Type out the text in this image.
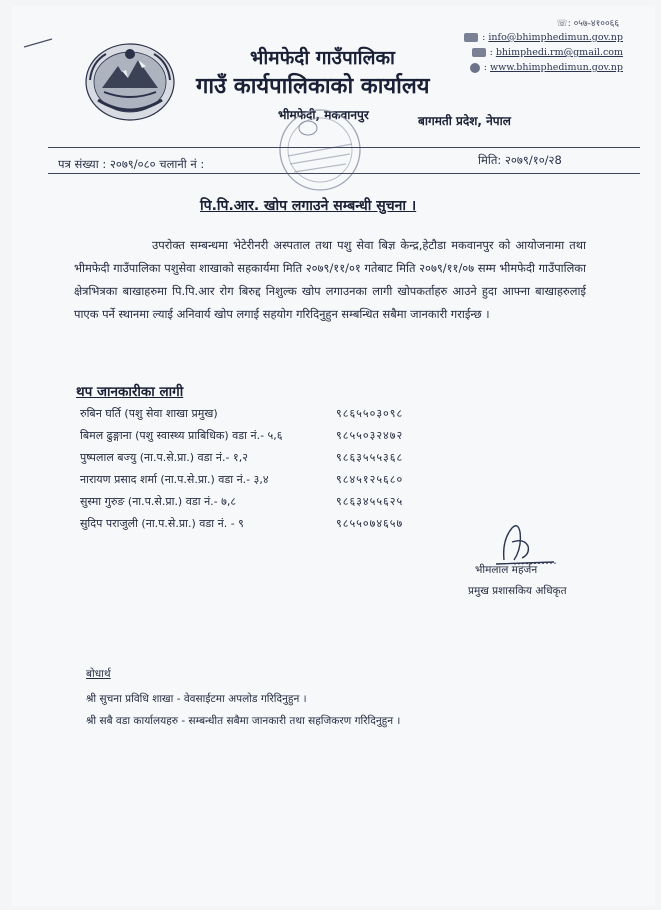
☏: ०५७-४१००६६
: info@bhimphedimun.gov.np
: bhimphedi.rm@gmail.com
: www.bhimphedimun.gov.np
भीमफेदी गाउँपालिका
गाउँ कार्यपालिकाको कार्यालय
भीमफेदी, मकवानपुर	बागमती प्रदेश, नेपाल
पत्र संख्या : २०७९/०८० चलानी नं :	मिति: २०७९/१०/२8
पि.पि.आर. खोप लगाउने सम्बन्धी सुचना ।
उपरोक्त सम्बन्धमा भेटेरीनरी अस्पताल तथा पशु सेवा बिज्ञ केन्द्र,हेटौडा मकवानपुर को आयोजनामा तथा भीमफेदी गाउँपालिका पशुसेवा शाखाको सहकार्यमा मिति २०७९/११/०१ गतेबाट मिति २०७९/११/०७ सम्म भीमफेदी गाउँपालिका क्षेत्रभित्रका बाखाहरुमा पि.पि.आर रोग बिरुद्द निशुल्क खोप लगाउनका लागी खोपकर्ताहरु आउने हुदा आफ्ना बाखाहरुलाई पाएक पर्ने स्थानमा ल्याई अनिवार्य खोप लगाई सहयोग गरिदिनुहुन सम्बन्धित सबैमा जानकारी गराईन्छ ।
थप जानकारीका लागी
रुबिन घर्ति (पशु सेवा शाखा प्रमुख)	९८६५५०३०९८
बिमल ढुङ्गाना (पशु स्वास्थ्य प्राबिधिक) वडा नं.- ५,६	९८५५०३२४७२
पुष्पलाल बज्यु (ना.प.से.प्रा.) वडा नं.- १,२	९८६३५५५३६८
नारायण प्रसाद शर्मा (ना.प.से.प्रा.) वडा नं.- ३,४	९८४५१२५६८०
सुस्मा गुरुङ (ना.प.से.प्रा.) वडा नं.- ७,८	९८६३४५५६२५
सुदिप पराजुली (ना.प.से.प्रा.) वडा नं. - ९	९८५५०७४६५७
भीमलाल महर्जन
प्रमुख प्रशासकिय अधिकृत
बोधार्थ
श्री सुचना प्रविधि शाखा - वेवसाईटमा अपलोड गरिदिनुहुन ।
श्री सबै वडा कार्यालयहरु - सम्बन्धीत सबैमा जानकारी तथा सहजिकरण गरिदिनुहुन ।
